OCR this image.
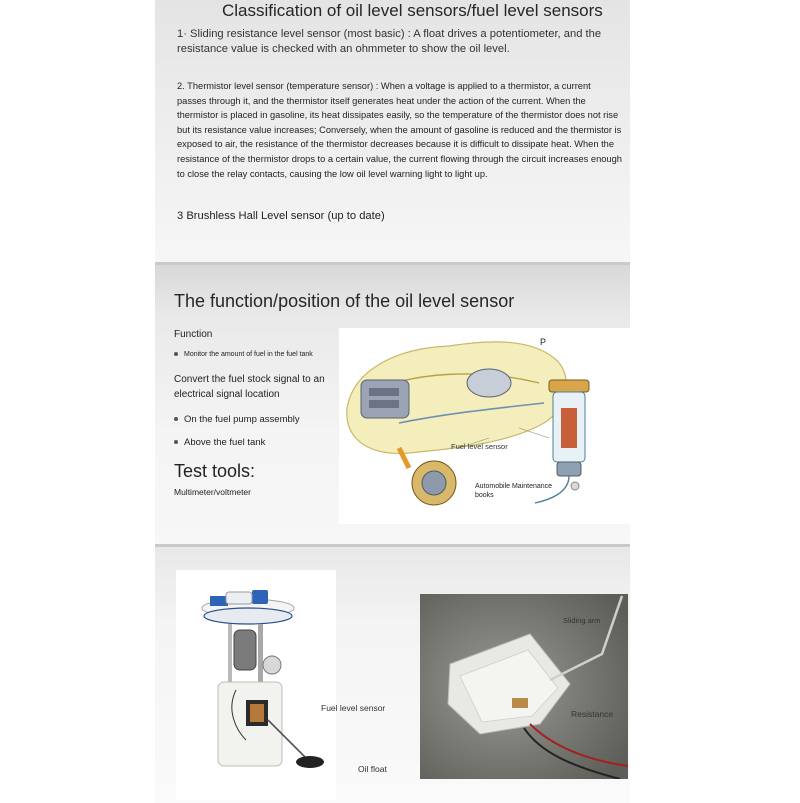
Classification of oil level sensors/fuel level sensors
1· Sliding resistance level sensor (most basic) : A float drives a potentiometer, and the resistance value is checked with an ohmmeter to show the oil level.
2. Thermistor level sensor (temperature sensor) : When a voltage is applied to a thermistor, a current passes through it, and the thermistor itself generates heat under the action of the current. When the thermistor is placed in gasoline, its heat dissipates easily, so the temperature of the thermistor does not rise but its resistance value increases; Conversely, when the amount of gasoline is reduced and the thermistor is exposed to air, the resistance of the thermistor decreases because it is difficult to dissipate heat. When the resistance of the thermistor drops to a certain value, the current flowing through the circuit increases enough to close the relay contacts, causing the low oil level warning light to light up.
3 Brushless Hall Level sensor (up to date)
The function/position of the oil level sensor
Function
Monitor the amount of fuel in the fuel tank
Convert the fuel stock signal to an electrical signal location
On the fuel pump assembly
Above the fuel tank
Test tools:
Multimeter/voltmeter
P
Fuel level sensor
Automobile Maintenance
books
Fuel level sensor
Oil float
Sliding arm
Resistance
